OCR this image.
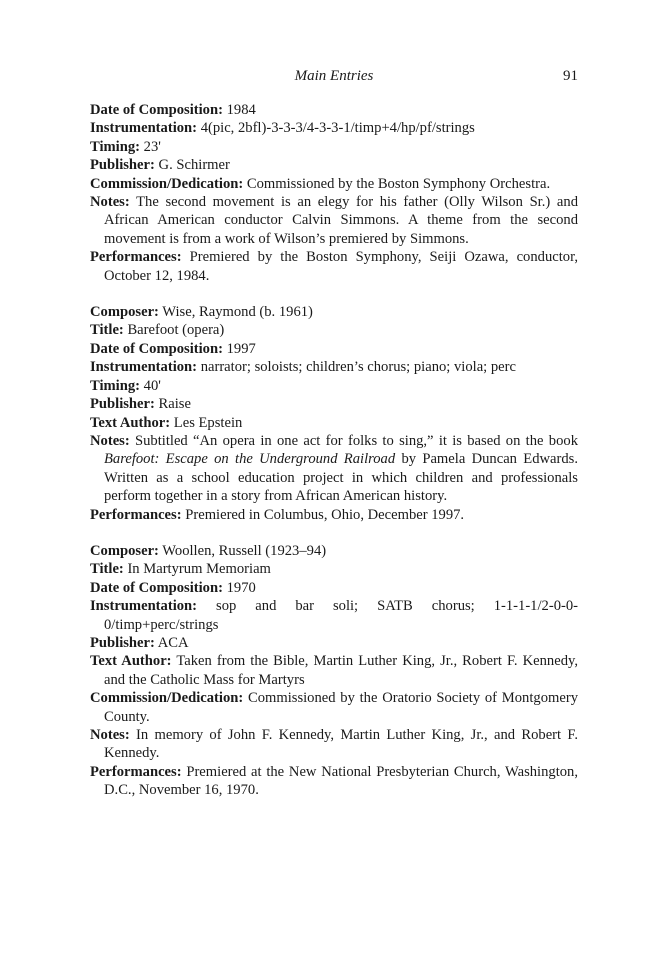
Main Entries	91

Date of Composition: 1984

Instrumentation: 4(pic, 2bfl)-3-3-3/4-3-3-1/timp+4/hp/pf/strings

Timing: 23'

Publisher: G. Schirmer

Commission/Dedication: Commissioned by the Boston Symphony Orchestra.

Notes: The second movement is an elegy for his father (Olly Wilson Sr.) and African American conductor Calvin Simmons. A theme from the second movement is from a work of Wilson’s premiered by Simmons.

Performances: Premiered by the Boston Symphony, Seiji Ozawa, conductor, October 12, 1984.

Composer: Wise, Raymond (b. 1961)

Title: Barefoot (opera)

Date of Composition: 1997

Instrumentation: narrator; soloists; children’s chorus; piano; viola; perc

Timing: 40'

Publisher: Raise

Text Author: Les Epstein

Notes: Subtitled “An opera in one act for folks to sing,” it is based on the book Barefoot: Escape on the Underground Railroad by Pamela Duncan Edwards. Written as a school education project in which children and professionals perform together in a story from African American history.

Performances: Premiered in Columbus, Ohio, December 1997.

Composer: Woollen, Russell (1923–94)

Title: In Martyrum Memoriam

Date of Composition: 1970

Instrumentation: sop and bar soli; SATB chorus; 1-1-1-1/2-0-0-0/timp+perc/strings

Publisher: ACA

Text Author: Taken from the Bible, Martin Luther King, Jr., Robert F. Kennedy, and the Catholic Mass for Martyrs

Commission/Dedication: Commissioned by the Oratorio Society of Montgomery County.

Notes: In memory of John F. Kennedy, Martin Luther King, Jr., and Robert F. Kennedy.

Performances: Premiered at the New National Presbyterian Church, Washington, D.C., November 16, 1970.
